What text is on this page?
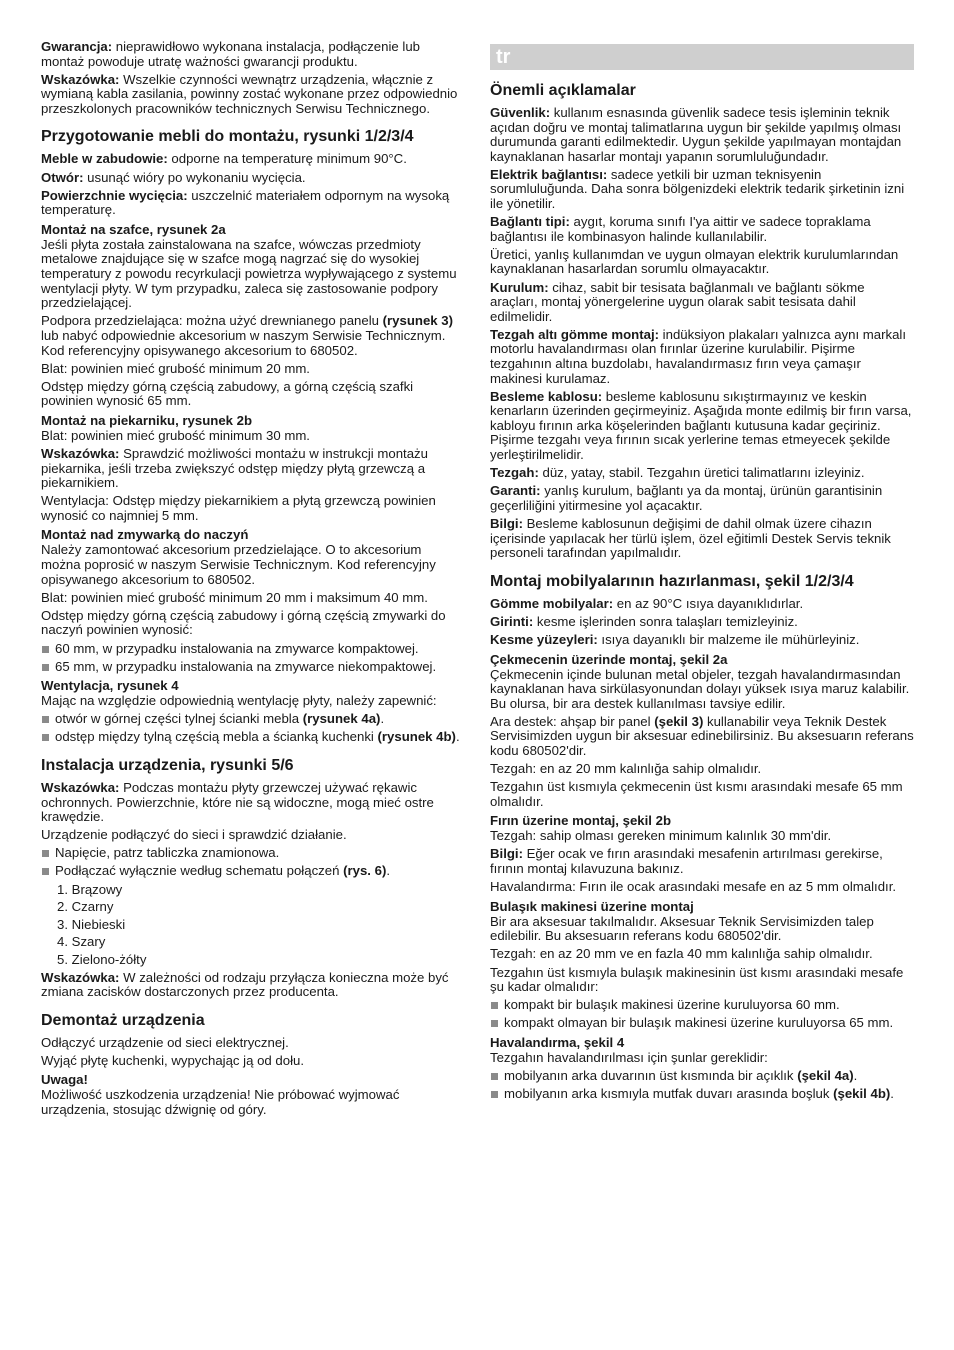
Gwarancja: nieprawidłowo wykonana instalacja, podłączenie lub montaż powoduje utratę ważności gwarancji produktu.

Wskazówka: Wszelkie czynności wewnątrz urządzenia, włącznie z wymianą kabla zasilania, powinny zostać wykonane przez odpowiednio przeszkolonych pracowników technicznych Serwisu Technicznego.

Przygotowanie mebli do montażu, rysunki 1/2/3/4

Meble w zabudowie: odporne na temperaturę minimum 90°C.

Otwór: usunąć wióry po wykonaniu wycięcia.

Powierzchnie wycięcia: uszczelnić materiałem odpornym na wysoką temperaturę.

Montaż na szafce, rysunek 2a

Jeśli płyta została zainstalowana na szafce, wówczas przedmioty metalowe znajdujące się w szafce mogą nagrzać się do wysokiej temperatury z powodu recyrkulacji powietrza wypływającego z systemu wentylacji płyty. W tym przypadku, zaleca się zastosowanie podpory przedzielającej.

Podpora przedzielająca: można użyć drewnianego panelu (rysunek 3) lub nabyć odpowiednie akcesorium w naszym Serwisie Technicznym. Kod referencyjny opisywanego akcesorium to 680502.

Blat: powinien mieć grubość minimum 20 mm.

Odstęp między górną częścią zabudowy, a górną częścią szafki powinien wynosić 65 mm.

Montaż na piekarniku, rysunek 2b

Blat: powinien mieć grubość minimum 30 mm.

Wskazówka: Sprawdzić możliwości montażu w instrukcji montażu piekarnika, jeśli trzeba zwiększyć odstęp między płytą grzewczą a piekarnikiem.

Wentylacja: Odstęp między piekarnikiem a płytą grzewczą powinien wynosić co najmniej 5 mm.

Montaż nad zmywarką do naczyń

Należy zamontować akcesorium przedzielające. O to akcesorium można poprosić w naszym Serwisie Technicznym. Kod referencyjny opisywanego akcesorium to 680502.

Blat: powinien mieć grubość minimum 20 mm i maksimum 40 mm.

Odstęp między górną częścią zabudowy i górną częścią zmywarki do naczyń powinien wynosić:

60 mm, w przypadku instalowania na zmywarce kompaktowej.
65 mm, w przypadku instalowania na zmywarce niekompaktowej.
Wentylacja, rysunek 4

Mając na względzie odpowiednią wentylację płyty, należy zapewnić:

otwór w górnej części tylnej ścianki mebla (rysunek 4a).
odstęp między tylną częścią mebla a ścianką kuchenki (rysunek 4b).
Instalacja urządzenia, rysunki 5/6

Wskazówka: Podczas montażu płyty grzewczej używać rękawic ochronnych. Powierzchnie, które nie są widoczne, mogą mieć ostre krawędzie.

Urządzenie podłączyć do sieci i sprawdzić działanie.

Napięcie, patrz tabliczka znamionowa.
Podłączać wyłącznie według schematu połączeń (rys. 6).
1. Brązowy
2. Czarny
3. Niebieski
4. Szary
5. Zielono-żółty

Wskazówka: W zależności od rodzaju przyłącza konieczna może być zmiana zacisków dostarczonych przez producenta.

Demontaż urządzenia

Odłączyć urządzenie od sieci elektrycznej.

Wyjąć płytę kuchenki, wypychając ją od dołu.

Uwaga!

Możliwość uszkodzenia urządzenia! Nie próbować wyjmować urządzenia, stosując dźwignię od góry.

tr
Önemli açıklamalar

Güvenlik: kullanım esnasında güvenlik sadece tesis işleminin teknik açıdan doğru ve montaj talimatlarına uygun bir şekilde yapılmış olması durumunda garanti edilmektedir. Uygun şekilde yapılmayan montajdan kaynaklanan hasarlar montajı yapanın sorumluluğundadır.

Elektrik bağlantısı: sadece yetkili bir uzman teknisyenin sorumluluğunda. Daha sonra bölgenizdeki elektrik tedarik şirketinin izni ile yönetilir.

Bağlantı tipi: aygıt, koruma sınıfı I'ya aittir ve sadece topraklama bağlantısı ile kombinasyon halinde kullanılabilir.

Üretici, yanlış kullanımdan ve uygun olmayan elektrik kurulumlarından kaynaklanan hasarlardan sorumlu olmayacaktır.

Kurulum: cihaz, sabit bir tesisata bağlanmalı ve bağlantı sökme araçları, montaj yönergelerine uygun olarak sabit tesisata dahil edilmelidir.

Tezgah altı gömme montaj: indüksiyon plakaları yalnızca aynı markalı motorlu havalandırması olan fırınlar üzerine kurulabilir. Pişirme tezgahının altına buzdolabı, havalandırmasız fırın veya çamaşır makinesi kurulamaz.

Besleme kablosu: besleme kablosunu sıkıştırmayınız ve keskin kenarların üzerinden geçirmeyiniz. Aşağıda monte edilmiş bir fırın varsa, kabloyu fırının arka köşelerinden bağlantı kutusuna kadar geçiriniz. Pişirme tezgahı veya fırının sıcak yerlerine temas etmeyecek şekilde yerleştirilmelidir.

Tezgah: düz, yatay, stabil. Tezgahın üretici talimatlarını izleyiniz.

Garanti: yanlış kurulum, bağlantı ya da montaj, ürünün garantisinin geçerliliğini yitirmesine yol açacaktır.

Bilgi: Besleme kablosunun değişimi de dahil olmak üzere cihazın içerisinde yapılacak her türlü işlem, özel eğitimli Destek Servis teknik personeli tarafından yapılmalıdır.

Montaj mobilyalarının hazırlanması, şekil 1/2/3/4

Gömme mobilyalar: en az 90°C ısıya dayanıklıdırlar.

Girinti: kesme işlerinden sonra talaşları temizleyiniz.

Kesme yüzeyleri: ısıya dayanıklı bir malzeme ile mühürleyiniz.

Çekmecenin üzerinde montaj, şekil 2a

Çekmecenin içinde bulunan metal objeler, tezgah havalandırmasından kaynaklanan hava sirkülasyonundan dolayı yüksek ısıya maruz kalabilir. Bu olursa, bir ara destek kullanılması tavsiye edilir.

Ara destek: ahşap bir panel (şekil 3) kullanabilir veya Teknik Destek Servisimizden uygun bir aksesuar edinebilirsiniz. Bu aksesuarın referans kodu 680502'dir.

Tezgah: en az 20 mm kalınlığa sahip olmalıdır.

Tezgahın üst kısmıyla çekmecenin üst kısmı arasındaki mesafe 65 mm olmalıdır.

Fırın üzerine montaj, şekil 2b

Tezgah: sahip olması gereken minimum kalınlık 30 mm'dir.

Bilgi: Eğer ocak ve fırın arasındaki mesafenin artırılması gerekirse, fırının montaj kılavuzuna bakınız.

Havalandırma: Fırın ile ocak arasındaki mesafe en az 5 mm olmalıdır.

Bulaşık makinesi üzerine montaj

Bir ara aksesuar takılmalıdır. Aksesuar Teknik Servisimizden talep edilebilir. Bu aksesuarın referans kodu 680502'dir.

Tezgah: en az 20 mm ve en fazla 40 mm kalınlığa sahip olmalıdır.

Tezgahın üst kısmıyla bulaşık makinesinin üst kısmı arasındaki mesafe şu kadar olmalıdır:

kompakt bir bulaşık makinesi üzerine kuruluyorsa 60 mm.
kompakt olmayan bir bulaşık makinesi üzerine kuruluyorsa 65 mm.
Havalandırma, şekil 4

Tezgahın havalandırılması için şunlar gereklidir:

mobilyanın arka duvarının üst kısmında bir açıklık (şekil 4a).
mobilyanın arka kısmıyla mutfak duvarı arasında boşluk (şekil 4b).
